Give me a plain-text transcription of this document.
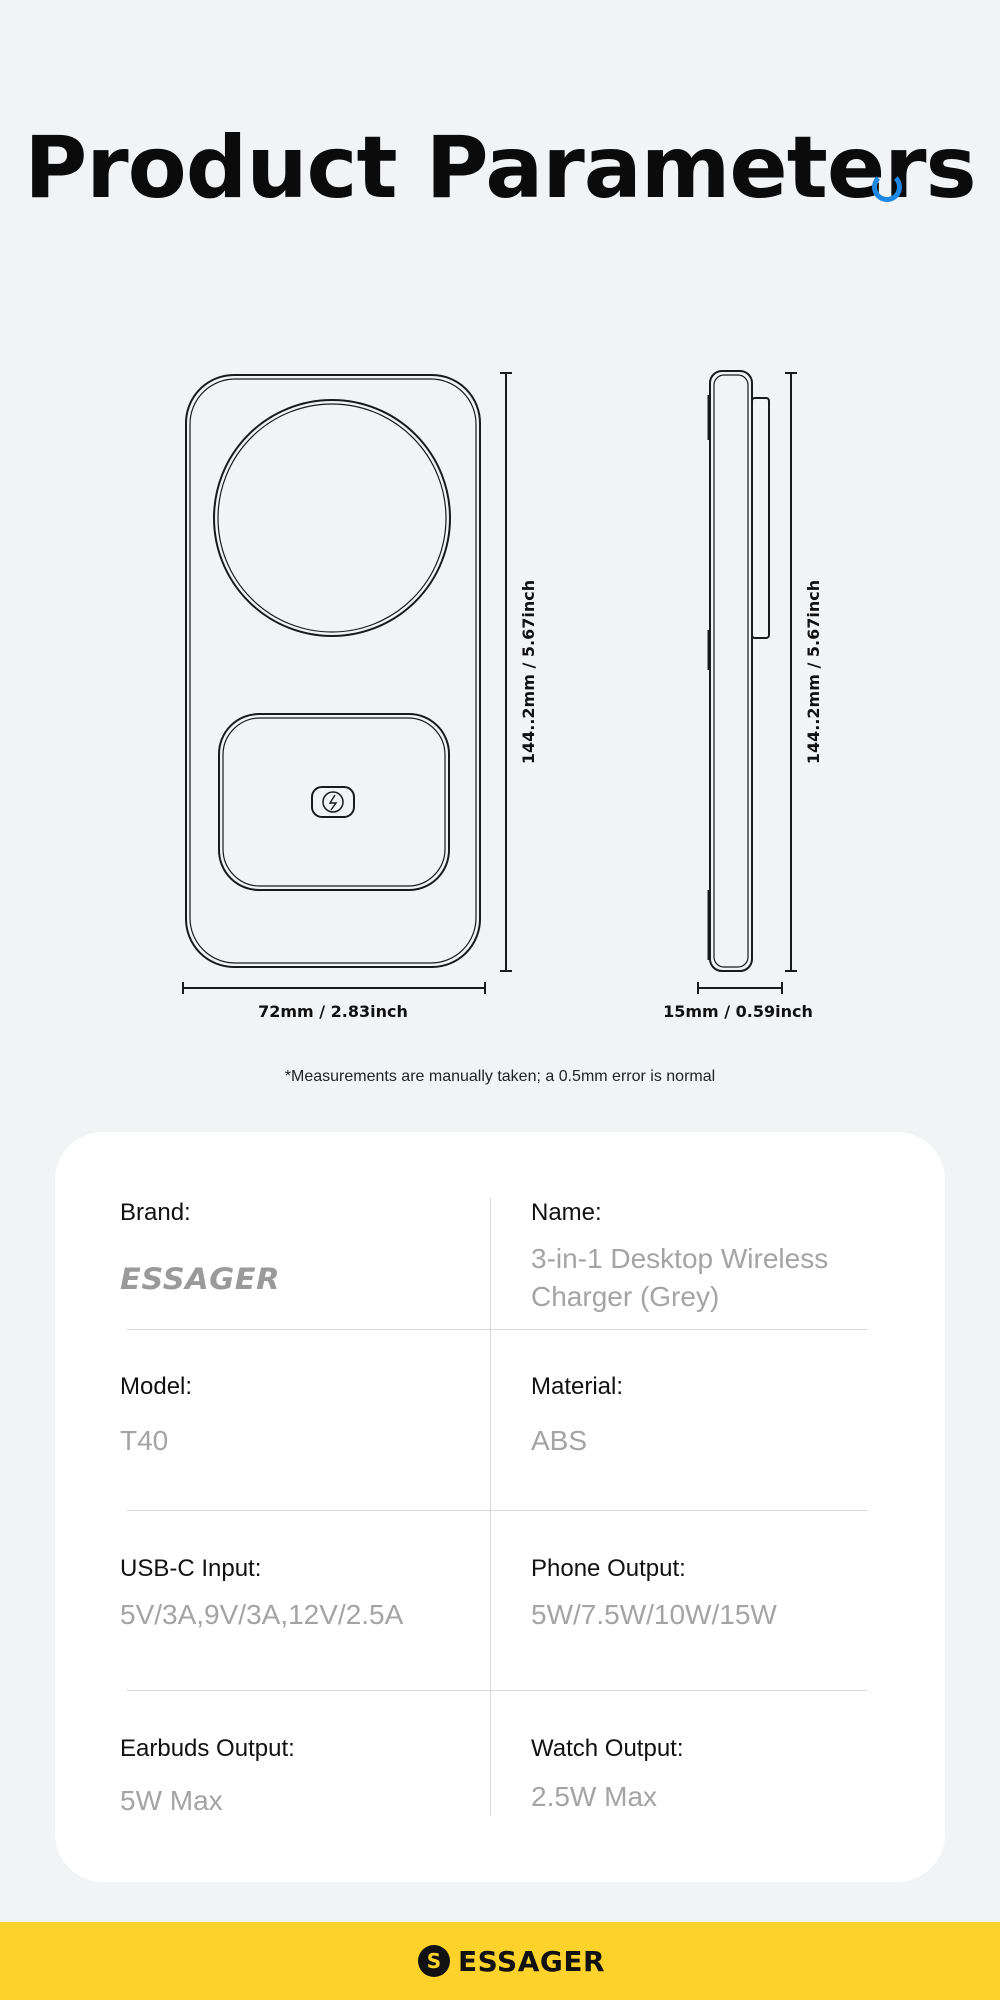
Product Parameters
144..2mm / 5.67inch
72mm / 2.83inch
144..2mm / 5.67inch
15mm / 0.59inch
*Measurements are manually taken; a 0.5mm error is normal
Brand:
ESSAGER
Name:
3-in-1 Desktop Wireless
Charger (Grey)
Model:
T40
Material:
ABS
USB-C Input:
5V/3A,9V/3A,12V/2.5A
Phone Output:
5W/7.5W/10W/15W
Earbuds Output:
5W Max
Watch Output:
2.5W Max
S ESSAGER
